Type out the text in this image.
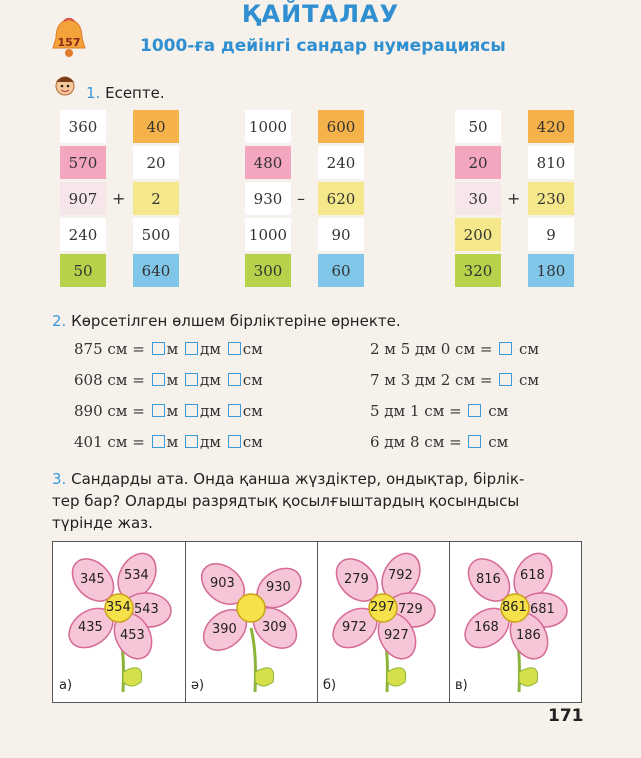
ҚАЙТАЛАУ
157	1000-ға дейінгі сандар нумерациясы
1. Есепте.
360	40
570	20
907	2
240	500
50	640
+
1000	600
480	240
930	620
1000	90
300	60
–
50	420
20	810
30	230
200	9
320	180
+
2. Көрсетілген өлшем бірліктеріне өрнекте.
875 см = м дм см
608 см = м дм см
890 см = м дм см
401 см = м дм см
2 м 5 дм 0 см = см
7 м 3 дм 2 см = см
5 дм 1 см = см
6 дм 8 см = см
3. Сандарды ата. Онда қанша жүздіктер, ондықтар, бірлік-
тер бар? Оларды разрядтық қосылғыштардың қосындысы
түрінде жаз.
345 534
543
435
453
354
а)
903 930
309
390
ә)
279 792
729
972
927
297
б)
816 618
681
168
186
861
в)
171
